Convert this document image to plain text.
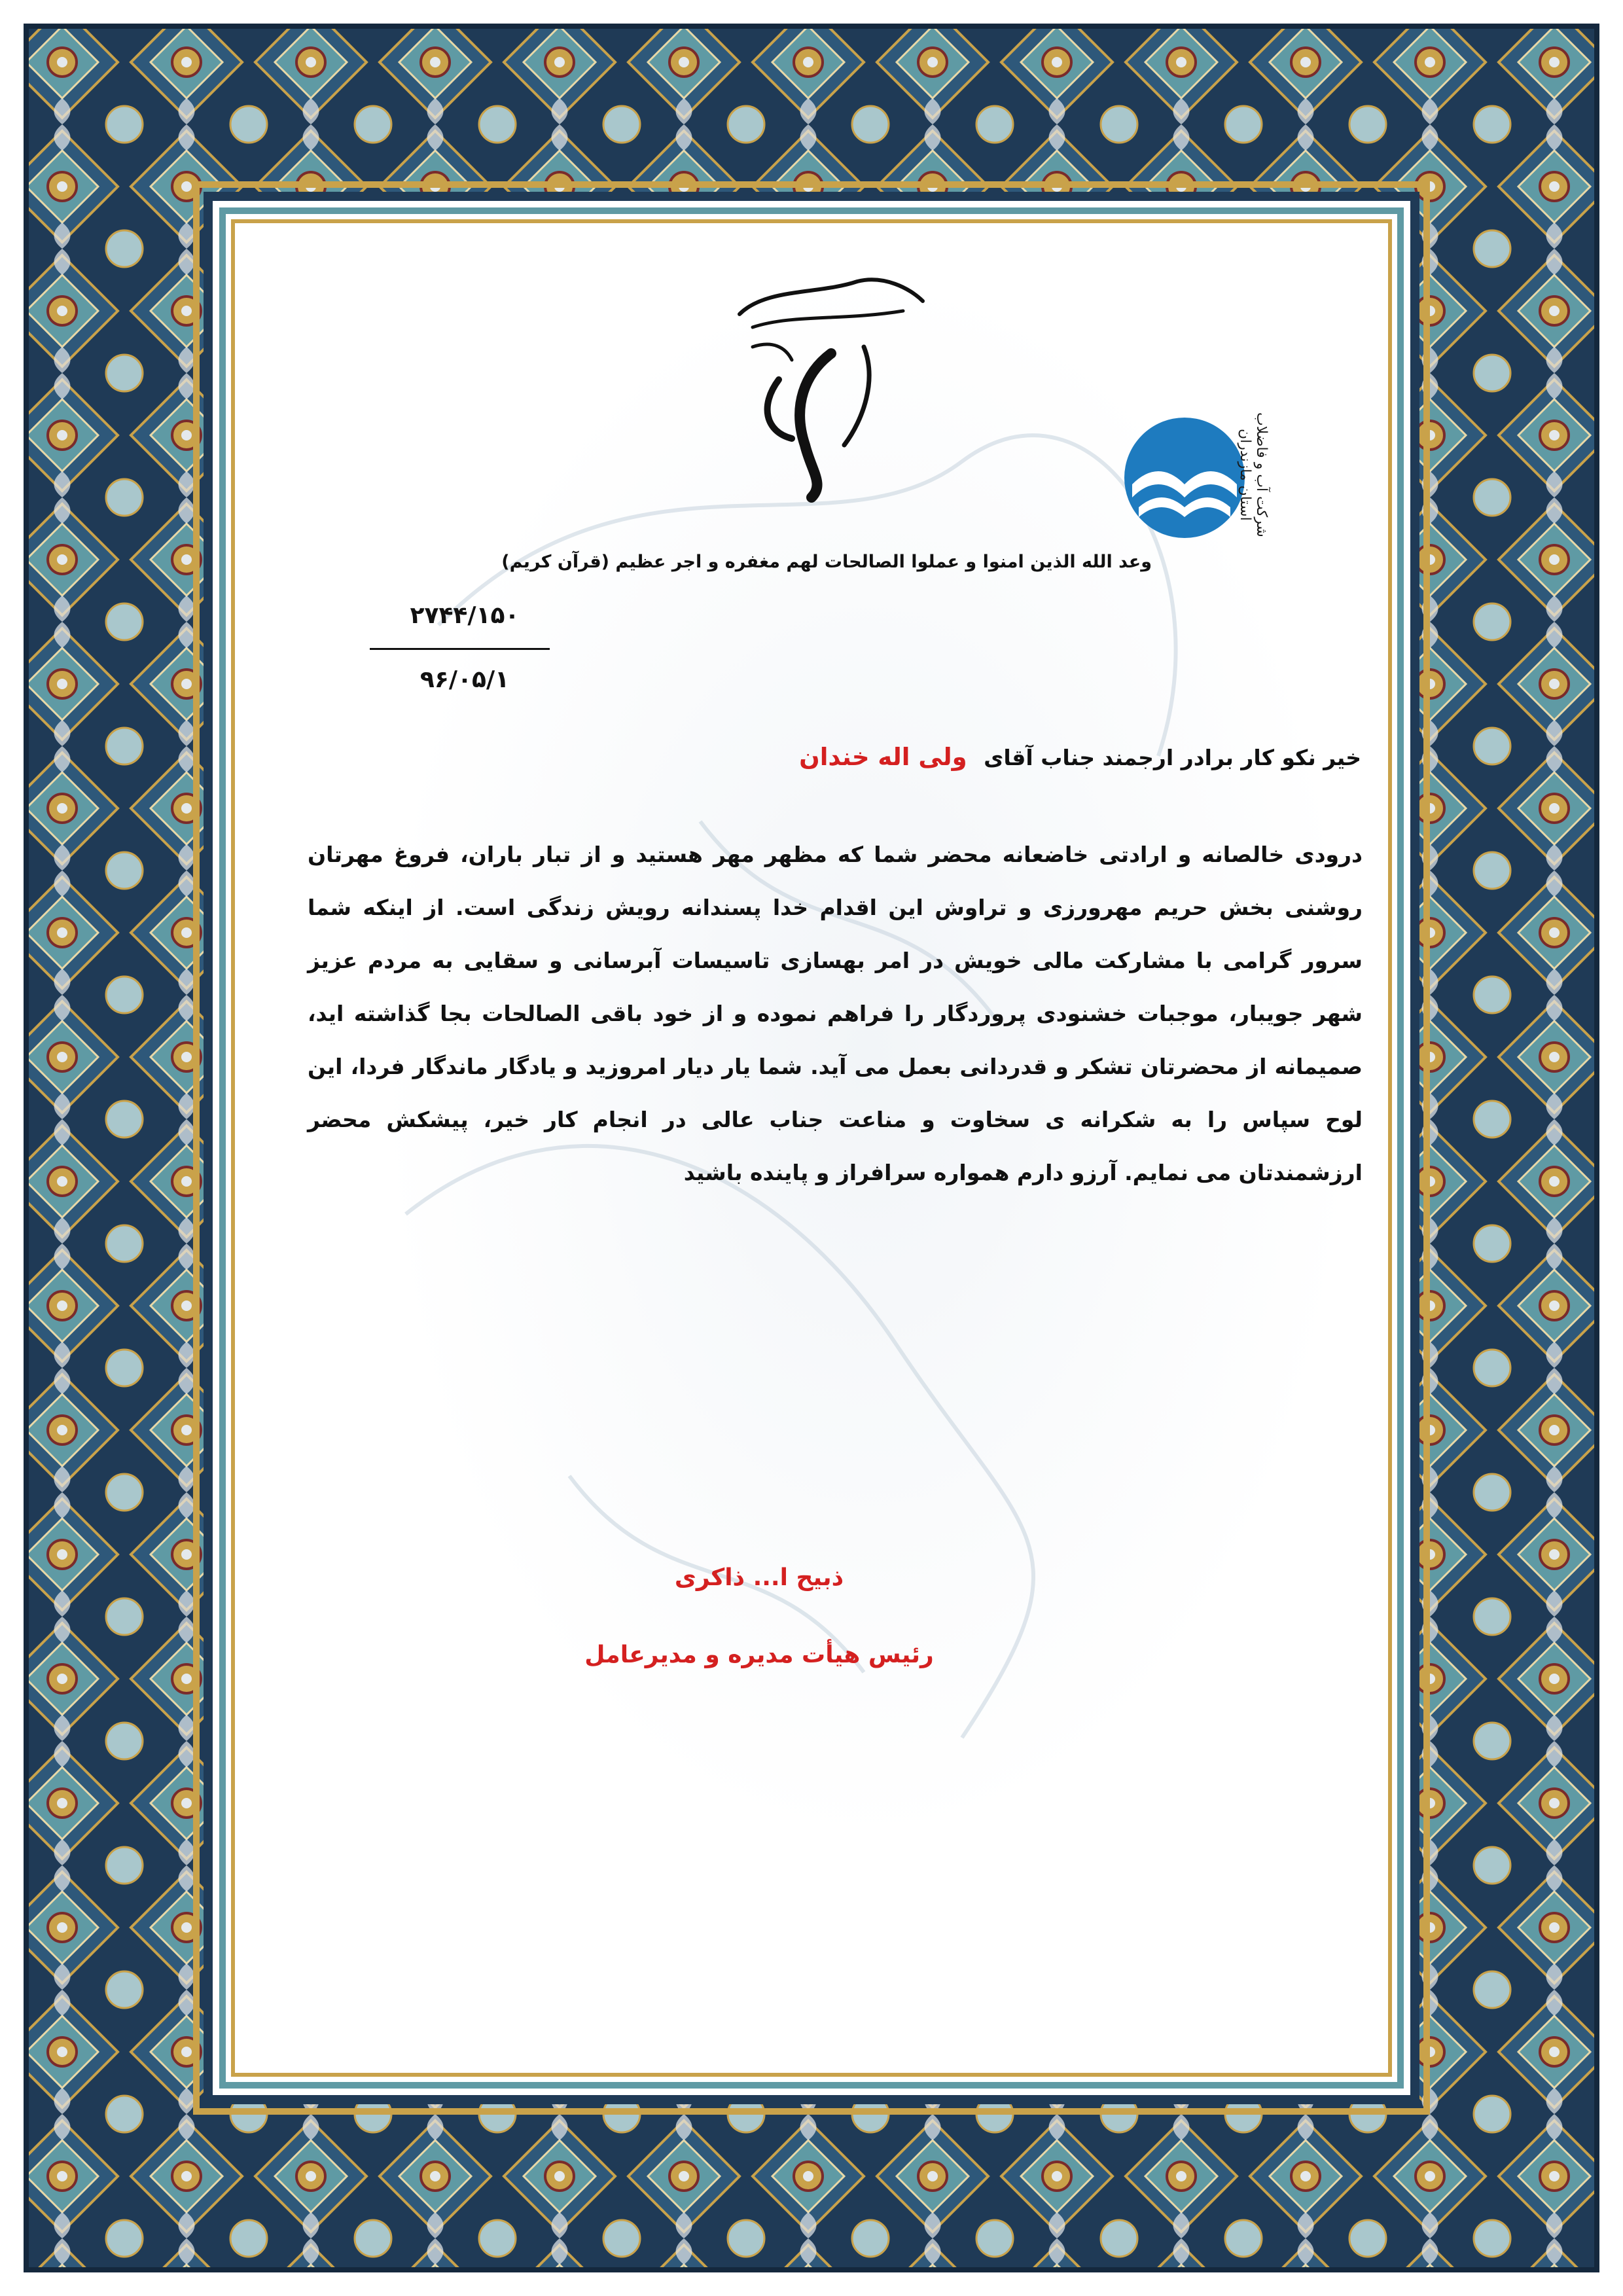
شرکت آب و فاضلاب استان مازندران
وعد الله الذین امنوا و عملوا الصالحات لهم مغفره و اجر عظیم (قرآن کریم)
۲۷۴۴/۱۵۰
۹۶/۰۵/۱
خیر نکو کار برادر ارجمند جناب آقای ولی اله خندان
درودی خالصانه و ارادتی خاضعانه محضر شما که مظهر مهر هستید و از تبار باران، فروغ مهرتان روشنی بخش حریم مهرورزی و تراوش این اقدام خدا پسندانه رویش زندگی است. از اینکه شما سرور گرامی با مشارکت مالی خویش در امر بهسازی تاسیسات آبرسانی و سقایی به مردم عزیز شهر جویبار، موجبات خشنودی پروردگار را فراهم نموده و از خود باقی الصالحات بجا گذاشته اید، صمیمانه از محضرتان تشکر و قدردانی بعمل می آید. شما یار دیار امروزید و یادگار ماندگار فردا، این لوح سپاس را به شکرانه ی سخاوت و مناعت جناب عالی در انجام کار خیر، پیشکش محضر ارزشمندتان می نمایم. آرزو دارم همواره سرافراز و پاینده باشید
ذبیح ا... ذاکری
رئیس هیأت مدیره و مدیرعامل
